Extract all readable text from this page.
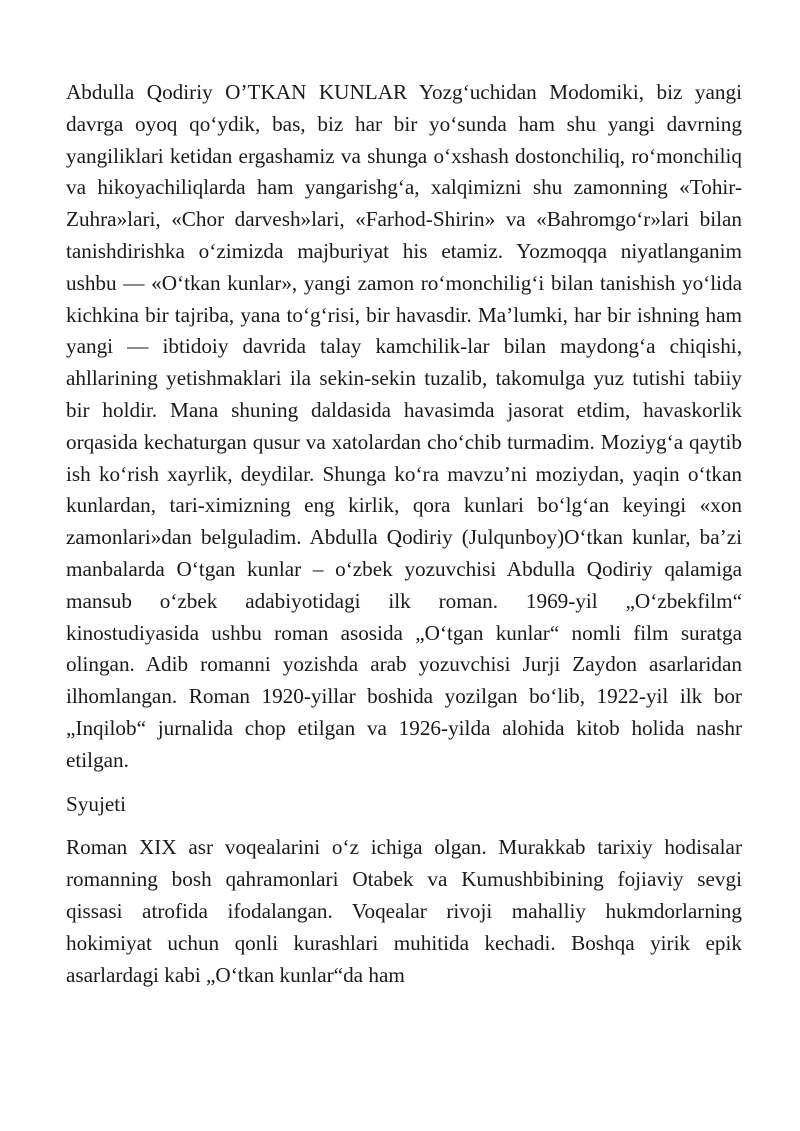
Abdulla Qodiriy O’TKAN KUNLAR Yozg‘uchidan Modomiki, biz yangi davrga oyoq qo‘ydik, bas, biz har bir yo‘sunda ham shu yangi davrning yangiliklari ketidan ergashamiz va shunga o‘xshash dostonchiliq, ro‘monchiliq va hikoyachiliqlarda ham yangarishg‘a, xalqimizni shu zamonning «Tohir-Zuhra»lari, «Chor darvesh»lari, «Farhod-Shirin» va «Bahromgo‘r»lari bilan tanishdirishka o‘zimizda majburiyat his etamiz. Yozmoqqa niyatlanganim ushbu — «O‘tkan kunlar», yangi zamon ro‘monchilig‘i bilan tanishish yo‘lida kichkina bir tajriba, yana to‘g‘risi, bir havasdir. Ma’lumki, har bir ishning ham yangi — ibtidoiy davrida talay kamchilik-lar bilan maydong‘a chiqishi, ahllarining yetishmaklari ila sekin-sekin tuzalib, takomulga yuz tutishi tabiiy bir holdir. Mana shuning daldasida havasimda jasorat etdim, havaskorlik orqasida kechaturgan qusur va xatolardan cho‘chib turmadim. Moziyg‘a qaytib ish ko‘rish xayrlik, deydilar. Shunga ko‘ra mavzu’ni moziydan, yaqin o‘tkan kunlardan, tari-ximizning eng kirlik, qora kunlari bo‘lg‘an keyingi «xon zamonlari»dan belguladim. Abdulla Qodiriy (Julqunboy)O‘tkan kunlar, ba’zi manbalarda O‘tgan kunlar – o‘zbek yozuvchisi Abdulla Qodiriy qalamiga mansub o‘zbek adabiyotidagi ilk roman. 1969-yil „O‘zbekfilm“ kinostudiyasida ushbu roman asosida „O‘tgan kunlar“ nomli film suratga olingan. Adib romanni yozishda arab yozuvchisi Jurji Zaydon asarlaridan ilhomlangan. Roman 1920-yillar boshida yozilgan bo‘lib, 1922-yil ilk bor „Inqilob“ jurnalida chop etilgan va 1926-yilda alohida kitob holida nashr etilgan.

Syujeti

Roman XIX asr voqealarini o‘z ichiga olgan. Murakkab tarixiy hodisalar romanning bosh qahramonlari Otabek va Kumushbibining fojiaviy sevgi qissasi atrofida ifodalangan. Voqealar rivoji mahalliy hukmdorlarning hokimiyat uchun qonli kurashlari muhitida kechadi. Boshqa yirik epik asarlardagi kabi „O‘tkan kunlar“da ham
